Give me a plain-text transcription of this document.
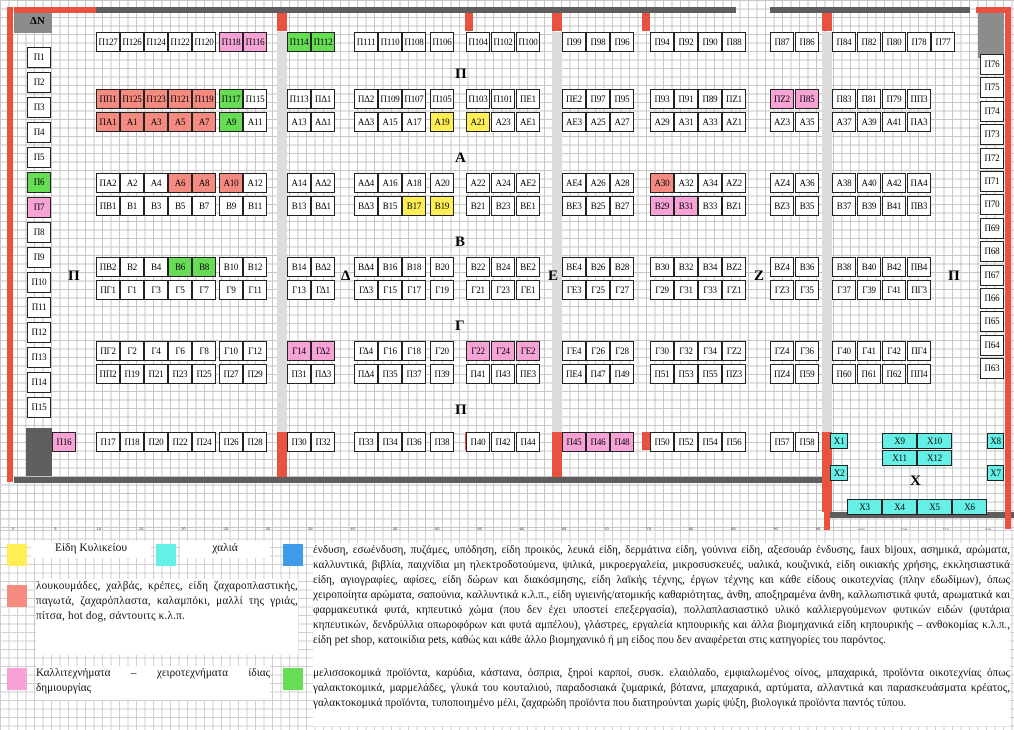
Π127 Π126 Π124 Π122 Π120 Π118 Π116	Π114 Π112	Π111 Π110 Π108 Π106 Π104 Π102 Π100	Π99	Π98	Π96	Π94	Π92	Π90	Π88	Π87	Π86	Π84	Π82	Π80	Π78	Π77
ΠΠ1 Π125 Π123 Π121 Π119 Π117 Π115	Π113 ΠΔ1	ΠΔ2 Π109 Π107 Π105 Π103 Π101 ΠΕ1	ΠΕ2 Π97	Π95	Π93	Π91	Π89 ΠΖ1	ΠΖ2	Π85	Π83	Π81	Π79	ΠΠ3
ΠΑ1	Α1	Α3	Α5	Α7	Α9	Α11	Α13 ΑΔ1	ΑΔ3 Α15	Α17	Α19	Α21	Α23	ΑΕ1	ΑΕ3 Α25	Α27	Α29	Α31	Α33 ΑΖ1	ΑΖ3	Α35	Α37	Α39	Α41	ΠΑ3
ΠΑ2	Α2	Α4	Α6	Α8	Α10	Α12	Α14 ΑΔ2	ΑΔ4 Α16	Α18	Α20	Α22	Α24	ΑΕ2	ΑΕ4 Α26	Α28	Α30	Α32	Α34 ΑΖ2	ΑΖ4	Α36	Α38	Α40	Α42	ΠΑ4
ΠΒ1	Β1	Β3	Β5	Β7	Β9	Β11	Β13 ΒΔ1	ΒΔ3 Β15	Β17	Β19	Β21	Β23	ΒΕ1	ΒΕ3	Β25	Β27	Β29	Β31	Β33	ΒΖ1	ΒΖ3	Β35	Β37	Β39	Β41	ΠΒ3
ΠΒ2	Β2	Β4	Β6	Β8	Β10	Β12	Β14 ΒΔ2	ΒΔ4 Β16	Β18	Β20	Β22	Β24	ΒΕ2	ΒΕ4	Β26	Β28	Β30	Β32	Β34	ΒΖ2	ΒΖ4	Β36	Β38	Β40	Β42	ΠΒ4
ΠΓ1	Γ1	Γ3	Γ5	Γ7	Γ9	Γ11	Γ13	ΓΔ1	ΓΔ3	Γ15	Γ17	Γ19	Γ21	Γ23	ΓΕ1	ΓΕ3	Γ25	Γ27	Γ29	Γ31	Γ33	ΓΖ1	ΓΖ3	Γ35	Γ37	Γ39	Γ41	ΠΓ3
ΠΓ2	Γ2	Γ4	Γ6	Γ8	Γ10	Γ12	Γ14	ΓΔ2	ΓΔ4	Γ16	Γ18	Γ20	Γ22	Γ24	ΓΕ2	ΓΕ4	Γ26	Γ28	Γ30	Γ32	Γ34	ΓΖ2	ΓΖ4	Γ36	Γ40	Γ41	Γ42	ΠΓ4
ΠΠ2 Π19	Π21	Π23	Π25	Π27	Π29	Π31 ΠΔ3	ΠΔ4 Π35	Π37	Π39	Π41	Π43	ΠΕ3	ΠΕ4 Π47	Π49	Π51	Π53	Π55 ΠΖ3	ΠΖ4	Π59	Π60	Π61	Π62	ΠΠ4
Π16	Π17	Π18	Π20	Π22	Π24	Π26	Π28	Π30	Π32	Π33	Π34	Π36	Π38	Π40	Π42	Π44	Π45	Π46	Π48	Π50	Π52	Π54	Π56	Π57	Π58
Π1
Π2
Π3
Π4
Π5
Π6
Π7
Π8
Π9
Π10
Π11
Π12
Π13
Π14
Π15
Π76
Π75
Π74
Π73
Π72
Π71
Π70
Π69
Π68
Π67
Π66
Π65
Π64
Π63
Χ1
Χ2
Χ3	Χ4	Χ5	Χ6
Χ7
Χ8
Χ9	Χ10
Χ11	Χ12
ΔΝ
Π
Α
Β
Γ
Π
Π	Π
Δ	Ε	Ζ
Χ
0	5	10	15	20	25	30	35	40	45	50	55	60	65	70	75	80	85	90	95	100	105	110	115
Είδη Κυλικείου	χαλιά	ένδυση, εσωένδυση, πυζάμες, υπόδηση, είδη προικός, λευκά είδη, δερμάτινα είδη, γούνινα είδη, αξεσουάρ ένδυσης, faux bijoux, ασημικά, αρώματα, καλλυντικά, βιβλία, παιχνίδια μη ηλεκτροδοτούμενα, ψιλικά, μικροεργαλεία, μικροσυσκευές, υαλικά, κουζινικά, είδη οικιακής χρήσης, εκκλησιαστικά είδη, αγιογραφίες, αφίσες, είδη δώρων και διακόσμησης, είδη λαϊκής τέχνης, έργων τέχνης και κάθε είδους οικοτεχνίας (πλην εδωδίμων), όπως χειροποίητα αρώματα, σαπούνια, καλλυντικά κ.λ.π., είδη υγιεινής/ατομικής καθαριότητας, άνθη, αποξηραμένα άνθη, καλλωπιστικά φυτά, αρωματικά και φαρμακευτικά φυτά, κηπευτικό χώμα (που δεν έχει υποστεί επεξεργασία), πολλαπλασιαστικό υλικό καλλιεργούμενων φυτικών ειδών (φυτάρια κηπευτικών, δενδρύλλια οπωροφόρων και φυτά αμπέλου), γλάστρες, εργαλεία κηπουρικής και άλλα βιομηχανικά είδη κηπουρικής – ανθοκομίας κ.λ.π., είδη pet shop, κατοικίδια pets, καθώς και κάθε άλλο βιομηχανικό ή μη είδος που δεν αναφέρεται στις κατηγορίες του παρόντος.
λουκουμάδες, χαλβάς, κρέπες, είδη ζαχαροπλαστικής, παγωτά, ζαχαρόπλαστα, καλαμπόκι, μαλλί της γριάς, πίτσα, hot dog, σάντουιτς κ.λ.π.
Καλλιτεχνήματα – χειροτεχνήματα ίδιας δημιουργίας
μελισσοκομικά προϊόντα, καρύδια, κάστανα, όσπρια, ξηροί καρποί, συσκ. ελαιόλαδο, εμφιαλωμένος οίνος, μπαχαρικά, προϊόντα οικοτεχνίας όπως γαλακτοκομικά, μαρμελάδες, γλυκά του κουταλιού, παραδοσιακά ζυμαρικά, βότανα, μπαχαρικά, αρτύματα, αλλαντικά και παρασκευάσματα κρέατος, γαλακτοκομικά προϊόντα, τυποποιημένο μέλι, ζαχαρώδη προϊόντα που διατηρούνται χωρίς ψύξη, βιολογικά προϊόντα παντός τύπου.
